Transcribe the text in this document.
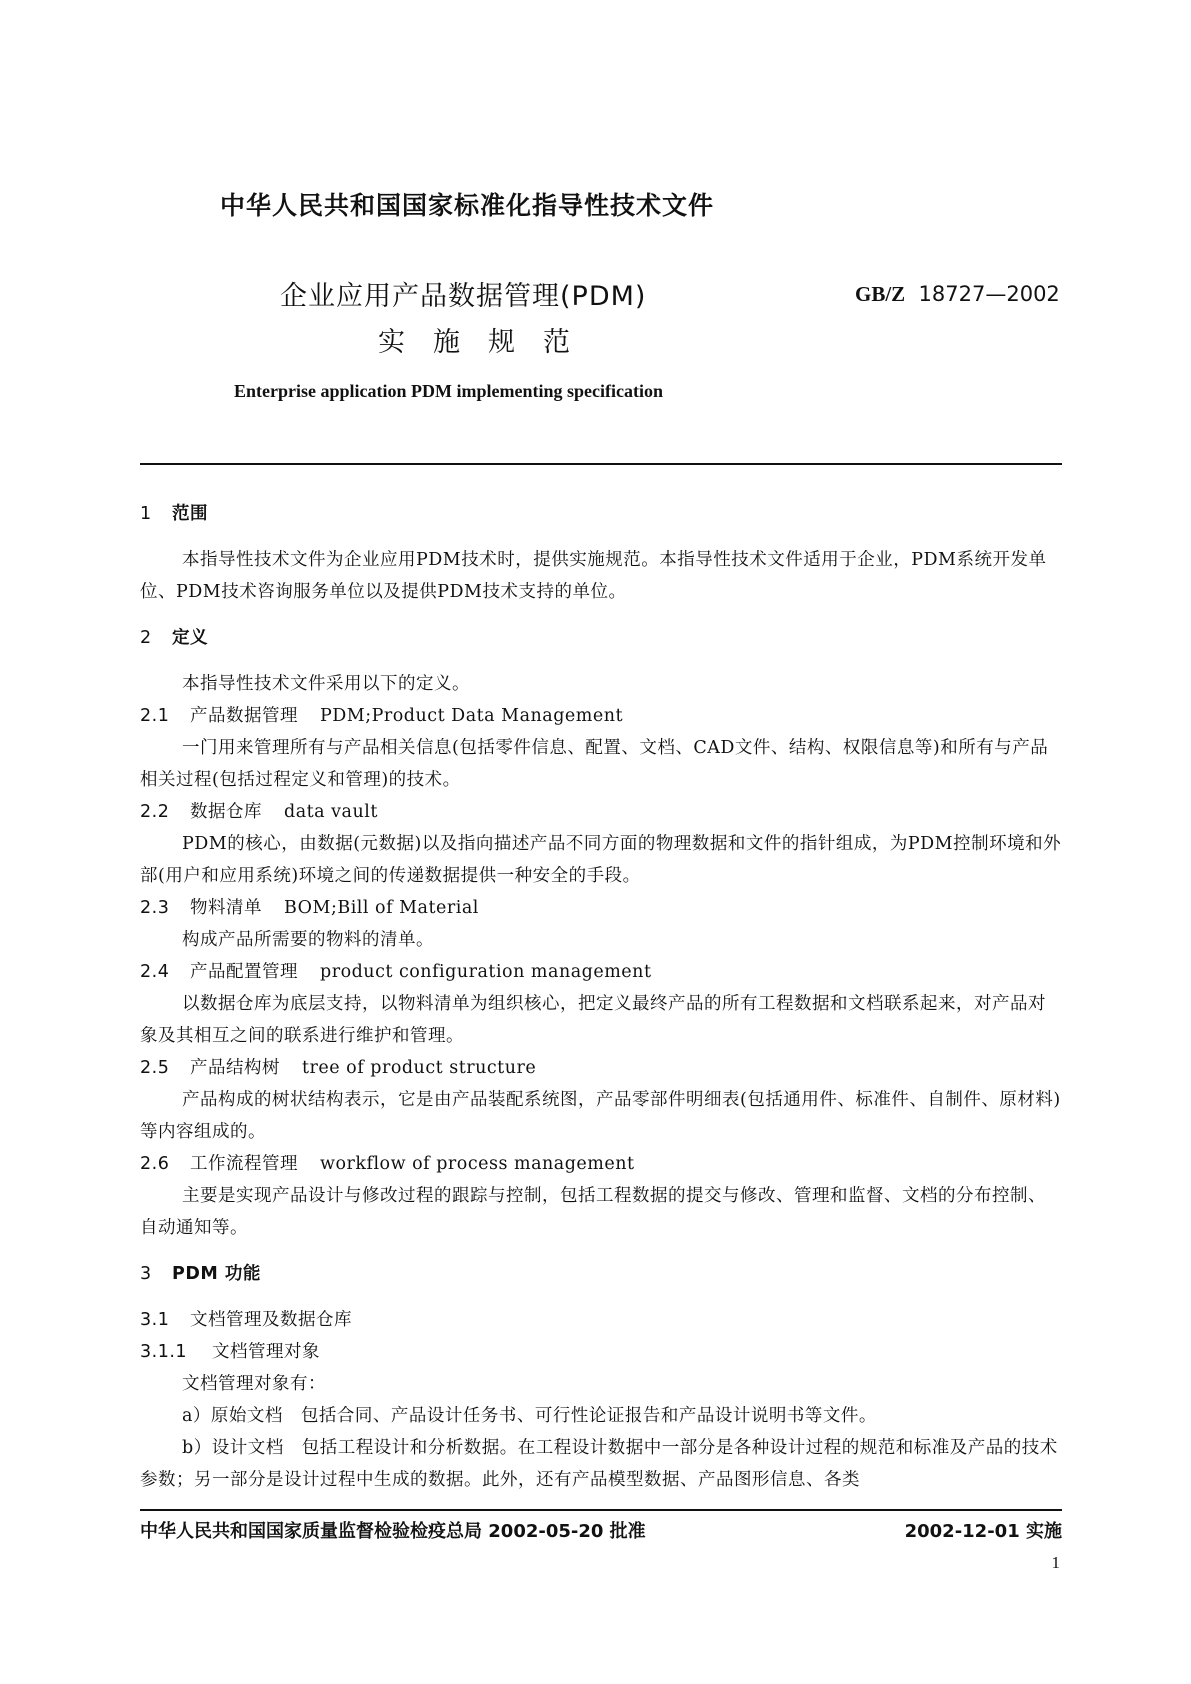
中华人民共和国国家标准化指导性技术文件
企业应用产品数据管理(PDM)
实施规范
GB/Z 18727—2002
Enterprise application PDM implementing specification

1 范围

本指导性技术文件为企业应用PDM技术时，提供实施规范。本指导性技术文件适用于企业，PDM系统开发单位、PDM技术咨询服务单位以及提供PDM技术支持的单位。

2 定义

本指导性技术文件采用以下的定义。

2.1 产品数据管理 PDM;Product Data Management

一门用来管理所有与产品相关信息(包括零件信息、配置、文档、CAD文件、结构、权限信息等)和所有与产品相关过程(包括过程定义和管理)的技术。

2.2 数据仓库 data vault

PDM的核心，由数据(元数据)以及指向描述产品不同方面的物理数据和文件的指针组成，为PDM控制环境和外部(用户和应用系统)环境之间的传递数据提供一种安全的手段。

2.3 物料清单 BOM;Bill of Material

构成产品所需要的物料的清单。

2.4 产品配置管理 product configuration management

以数据仓库为底层支持，以物料清单为组织核心，把定义最终产品的所有工程数据和文档联系起来，对产品对象及其相互之间的联系进行维护和管理。

2.5 产品结构树 tree of product structure

产品构成的树状结构表示，它是由产品装配系统图，产品零部件明细表(包括通用件、标准件、自制件、原材料)等内容组成的。

2.6 工作流程管理 workflow of process management

主要是实现产品设计与修改过程的跟踪与控制，包括工程数据的提交与修改、管理和监督、文档的分布控制、自动通知等。

3 PDM 功能

3.1 文档管理及数据仓库

3.1.1 文档管理对象

文档管理对象有：

a）原始文档　包括合同、产品设计任务书、可行性论证报告和产品设计说明书等文件。

b）设计文档　包括工程设计和分析数据。在工程设计数据中一部分是各种设计过程的规范和标准及产品的技术参数；另一部分是设计过程中生成的数据。此外，还有产品模型数据、产品图形信息、各类

中华人民共和国国家质量监督检验检疫总局 2002-05-20 批准	2002-12-01 实施
1
